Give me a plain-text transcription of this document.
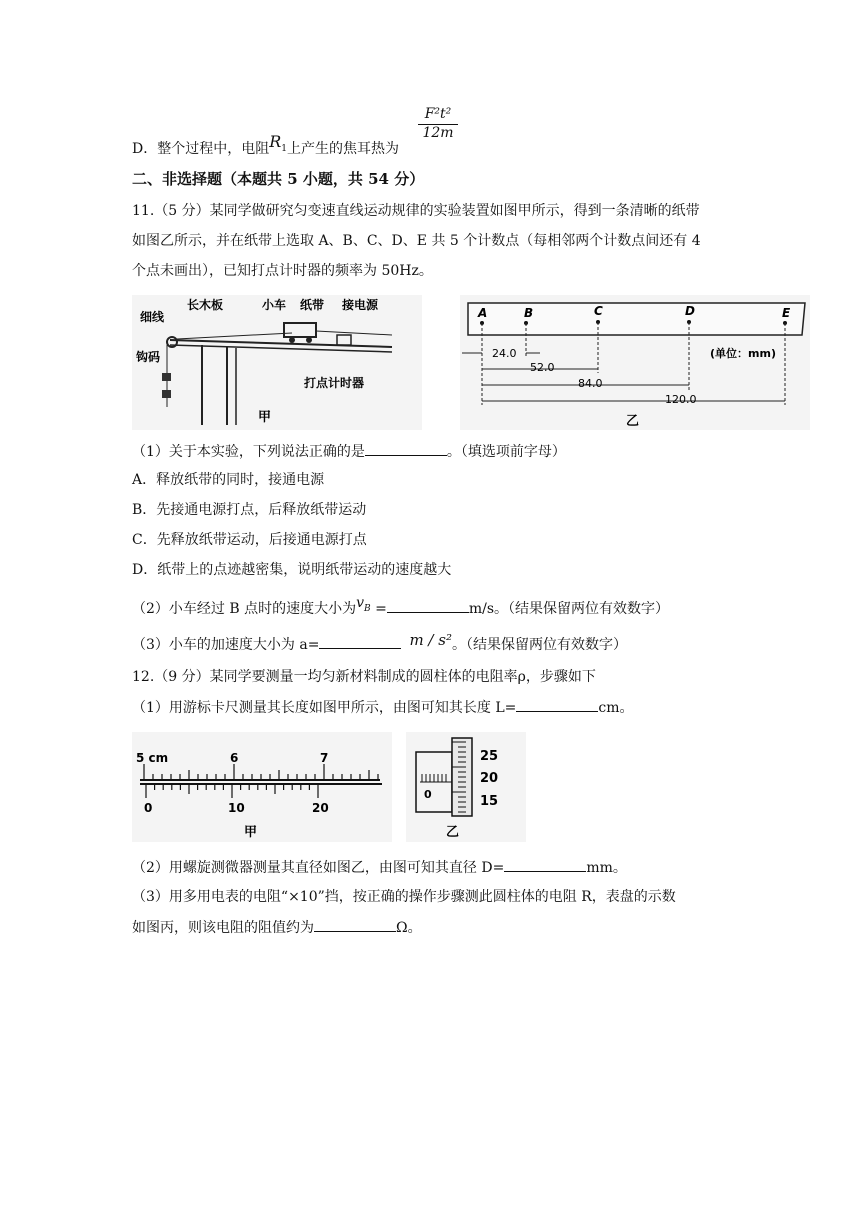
D．整个过程中，电阻$R_1$上产生的焦耳热为
$\frac{\text{F²t²}}{12m}$
二、非选择题（本题共 5 小题，共 54 分）
11.（5 分）某同学做研究匀变速直线运动规律的实验装置如图甲所示，得到一条清晰的纸带
如图乙所示，并在纸带上选取 A、B、C、D、E 共 5 个计数点（每相邻两个计数点间还有 4
个点未画出），已知打点计时器的频率为 50Hz。
细线
长木板	小车 纸带 接电源
钩码
打点计时器
甲
A	B	C	D	E
24.0
52.0
84.0
120.0
(单位：mm)
乙
（1）关于本实验，下列说法正确的是	。（填选项前字母）
A．释放纸带的同时，接通电源
B．先接通电源打点，后释放纸带运动
C．先释放纸带运动，后接通电源打点
D．纸带上的点迹越密集，说明纸带运动的速度越大
（2）小车经过 B 点时的速度大小为$v_B$ =	m/s。（结果保留两位有效数字）
（3）小车的加速度大小为 a=	m / s²。（结果保留两位有效数字）
12.（9 分）某同学要测量一均匀新材料制成的圆柱体的电阻率ρ，步骤如下
（1）用游标卡尺测量其长度如图甲所示，由图可知其长度 L=	cm。
5 cm	6	7
0	10	20
甲
25
20
15
0
乙
（2）用螺旋测微器测量其直径如图乙，由图可知其直径 D=	mm。
（3）用多用电表的电阻“×10”挡，按正确的操作步骤测此圆柱体的电阻 R，表盘的示数
如图丙，则该电阻的阻值约为	Ω。
